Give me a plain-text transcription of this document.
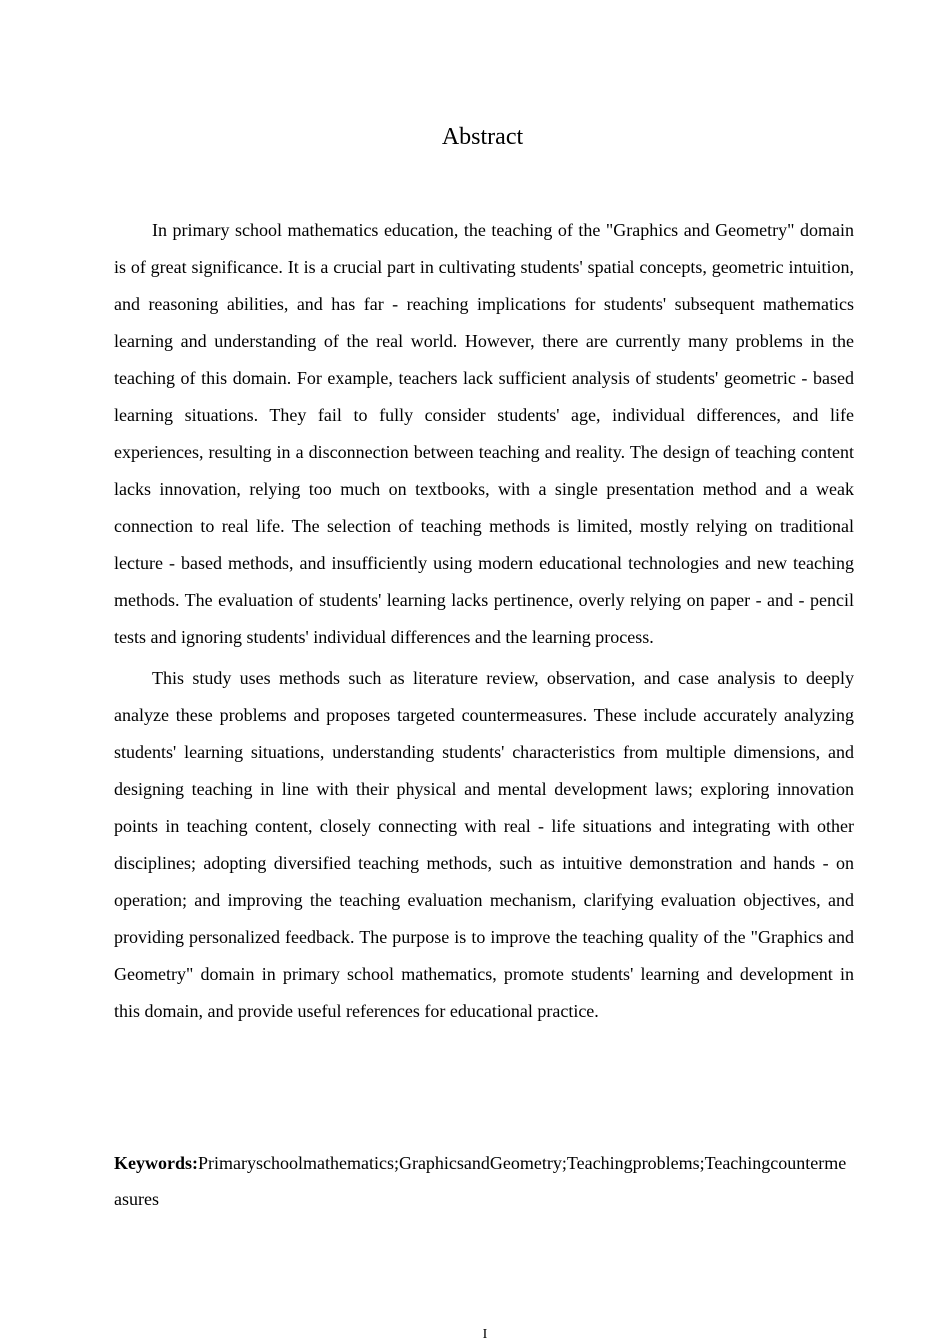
Abstract

In primary school mathematics education, the teaching of the "Graphics and Geometry" domain is of great significance. It is a crucial part in cultivating students' spatial concepts, geometric intuition, and reasoning abilities, and has far - reaching implications for students' subsequent mathematics learning and understanding of the real world. However, there are currently many problems in the teaching of this domain. For example, teachers lack sufficient analysis of students' geometric - based learning situations. They fail to fully consider students' age, individual differences, and life experiences, resulting in a disconnection between teaching and reality. The design of teaching content lacks innovation, relying too much on textbooks, with a single presentation method and a weak connection to real life. The selection of teaching methods is limited, mostly relying on traditional lecture - based methods, and insufficiently using modern educational technologies and new teaching methods. The evaluation of students' learning lacks pertinence, overly relying on paper - and - pencil tests and ignoring students' individual differences and the learning process.

This study uses methods such as literature review, observation, and case analysis to deeply analyze these problems and proposes targeted countermeasures. These include accurately analyzing students' learning situations, understanding students' characteristics from multiple dimensions, and designing teaching in line with their physical and mental development laws; exploring innovation points in teaching content, closely connecting with real - life situations and integrating with other disciplines; adopting diversified teaching methods, such as intuitive demonstration and hands - on operation; and improving the teaching evaluation mechanism, clarifying evaluation objectives, and providing personalized feedback. The purpose is to improve the teaching quality of the "Graphics and Geometry" domain in primary school mathematics, promote students' learning and development in this domain, and provide useful references for educational practice.

Keywords:Primaryschoolmathematics;GraphicsandGeometry;Teachingproblems;Teachingcountermeasures
I
